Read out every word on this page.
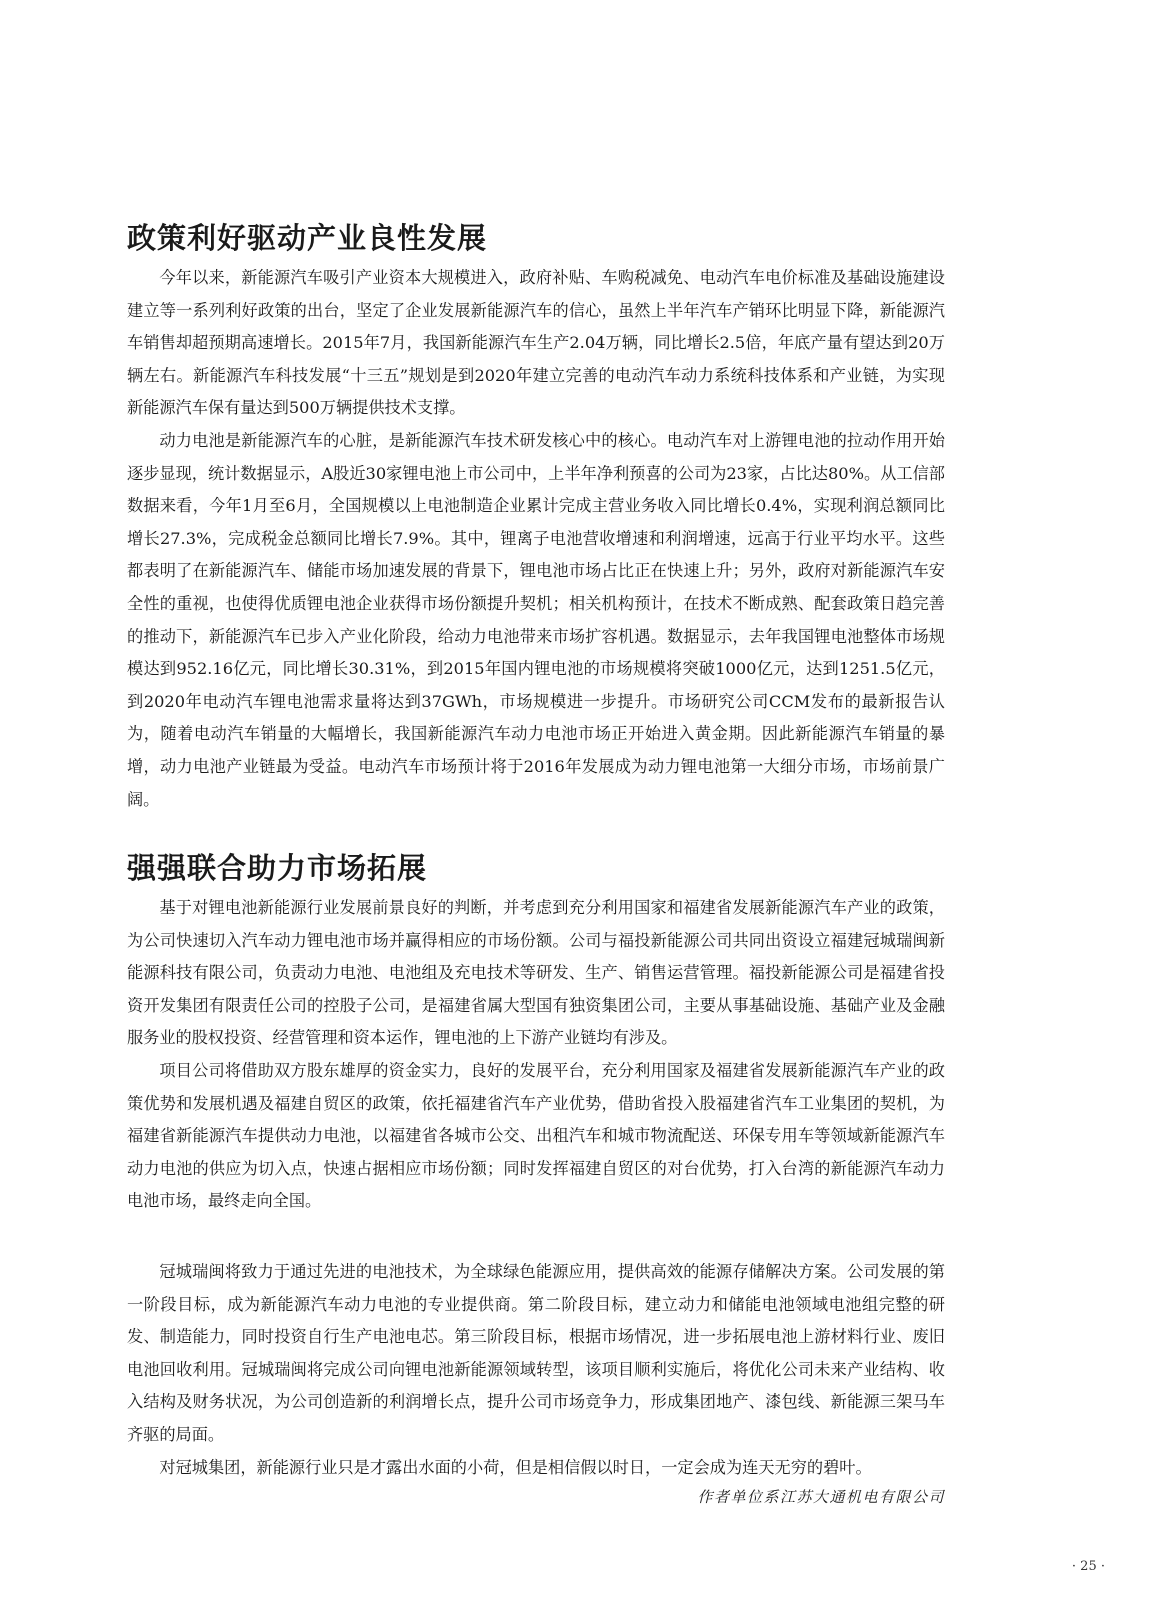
政策利好驱动产业良性发展

今年以来，新能源汽车吸引产业资本大规模进入，政府补贴、车购税减免、电动汽车电价标准及基础设施建设建立等一系列利好政策的出台，坚定了企业发展新能源汽车的信心，虽然上半年汽车产销环比明显下降，新能源汽车销售却超预期高速增长。2015年7月，我国新能源汽车生产2.04万辆，同比增长2.5倍，年底产量有望达到20万辆左右。新能源汽车科技发展“十三五”规划是到2020年建立完善的电动汽车动力系统科技体系和产业链，为实现新能源汽车保有量达到500万辆提供技术支撑。

动力电池是新能源汽车的心脏，是新能源汽车技术研发核心中的核心。电动汽车对上游锂电池的拉动作用开始逐步显现，统计数据显示，A股近30家锂电池上市公司中，上半年净利预喜的公司为23家，占比达80%。从工信部数据来看，今年1月至6月，全国规模以上电池制造企业累计完成主营业务收入同比增长0.4%，实现利润总额同比增长27.3%，完成税金总额同比增长7.9%。其中，锂离子电池营收增速和利润增速，远高于行业平均水平。这些都表明了在新能源汽车、储能市场加速发展的背景下，锂电池市场占比正在快速上升；另外，政府对新能源汽车安全性的重视，也使得优质锂电池企业获得市场份额提升契机；相关机构预计，在技术不断成熟、配套政策日趋完善的推动下，新能源汽车已步入产业化阶段，给动力电池带来市场扩容机遇。数据显示，去年我国锂电池整体市场规模达到952.16亿元，同比增长30.31%，到2015年国内锂电池的市场规模将突破1000亿元，达到1251.5亿元，到2020年电动汽车锂电池需求量将达到37GWh，市场规模进一步提升。市场研究公司CCM发布的最新报告认为，随着电动汽车销量的大幅增长，我国新能源汽车动力电池市场正开始进入黄金期。因此新能源汽车销量的暴增，动力电池产业链最为受益。电动汽车市场预计将于2016年发展成为动力锂电池第一大细分市场，市场前景广阔。

强强联合助力市场拓展

基于对锂电池新能源行业发展前景良好的判断，并考虑到充分利用国家和福建省发展新能源汽车产业的政策，为公司快速切入汽车动力锂电池市场并赢得相应的市场份额。公司与福投新能源公司共同出资设立福建冠城瑞闽新能源科技有限公司，负责动力电池、电池组及充电技术等研发、生产、销售运营管理。福投新能源公司是福建省投资开发集团有限责任公司的控股子公司，是福建省属大型国有独资集团公司，主要从事基础设施、基础产业及金融服务业的股权投资、经营管理和资本运作，锂电池的上下游产业链均有涉及。

项目公司将借助双方股东雄厚的资金实力，良好的发展平台，充分利用国家及福建省发展新能源汽车产业的政策优势和发展机遇及福建自贸区的政策，依托福建省汽车产业优势，借助省投入股福建省汽车工业集团的契机，为福建省新能源汽车提供动力电池，以福建省各城市公交、出租汽车和城市物流配送、环保专用车等领域新能源汽车动力电池的供应为切入点，快速占据相应市场份额；同时发挥福建自贸区的对台优势，打入台湾的新能源汽车动力电池市场，最终走向全国。

冠城瑞闽将致力于通过先进的电池技术，为全球绿色能源应用，提供高效的能源存储解决方案。公司发展的第一阶段目标，成为新能源汽车动力电池的专业提供商。第二阶段目标，建立动力和储能电池领域电池组完整的研发、制造能力，同时投资自行生产电池电芯。第三阶段目标，根据市场情况，进一步拓展电池上游材料行业、废旧电池回收利用。冠城瑞闽将完成公司向锂电池新能源领域转型，该项目顺利实施后，将优化公司未来产业结构、收入结构及财务状况，为公司创造新的利润增长点，提升公司市场竞争力，形成集团地产、漆包线、新能源三架马车齐驱的局面。

对冠城集团，新能源行业只是才露出水面的小荷，但是相信假以时日，一定会成为连天无穷的碧叶。

作者单位系江苏大通机电有限公司
· 25 ·
